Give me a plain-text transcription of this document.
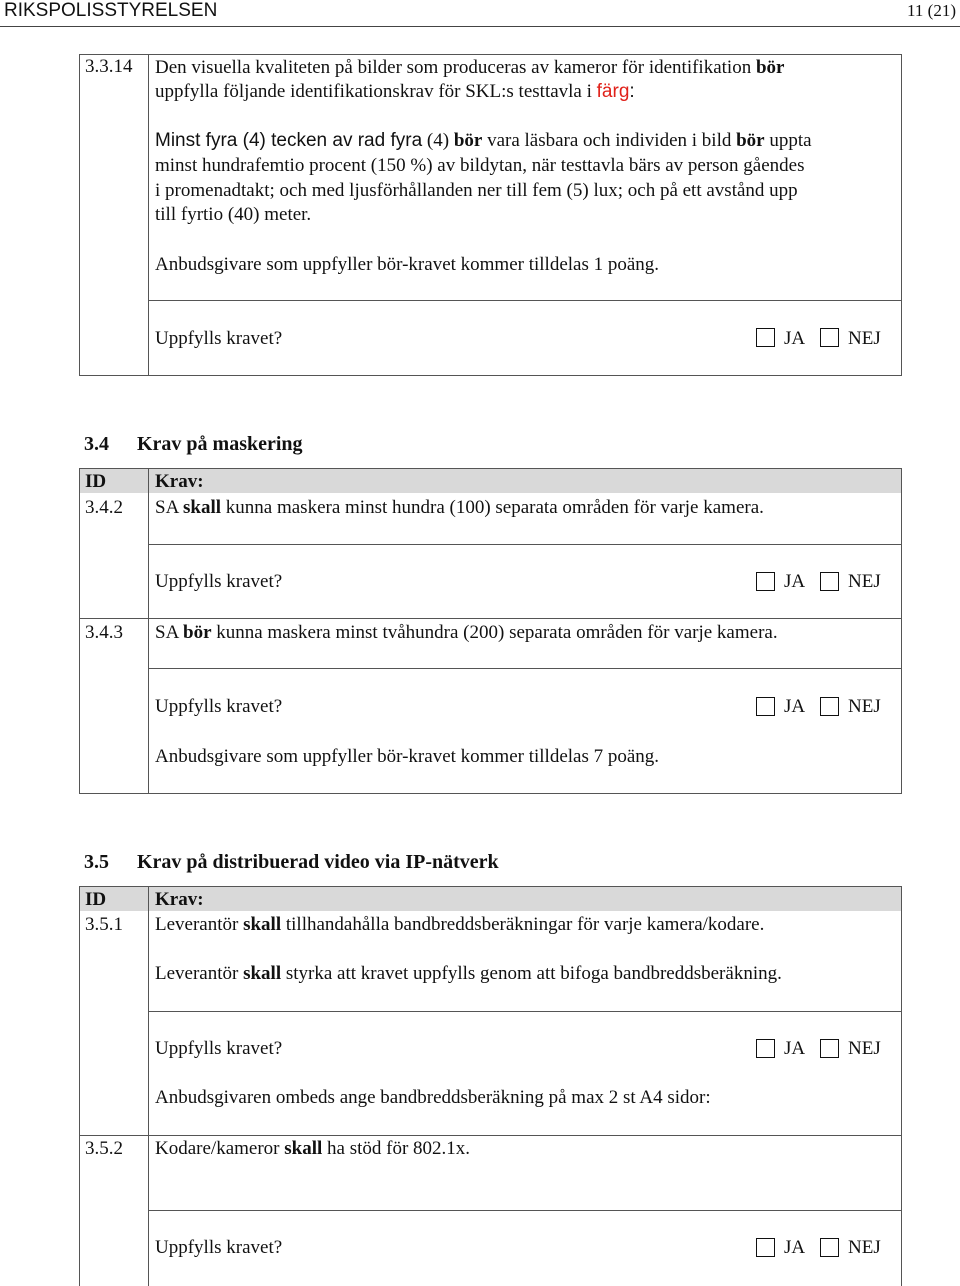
RIKSPOLISSTYRELSEN	11 (21)
3.3.14 Den visuella kvaliteten på bilder som produceras av kameror för identifikation bör
uppfylla följande identifikationskrav för SKL:s testtavla i färg:
Minst fyra (4) tecken av rad fyra (4) bör vara läsbara och individen i bild bör uppta
minst hundrafemtio procent (150 %) av bildytan, när testtavla bärs av person gåendes
i promenadtakt; och med ljusförhållanden ner till fem (5) lux; och på ett avstånd upp
till fyrtio (40) meter.
Anbudsgivare som uppfyller bör-kravet kommer tilldelas 1 poäng.
Uppfylls kravet?	JA NEJ
3.4 Krav på maskering
ID	Krav:
3.4.2 SA skall kunna maskera minst hundra (100) separata områden för varje kamera.
Uppfylls kravet?	JA NEJ
3.4.3 SA bör kunna maskera minst tvåhundra (200) separata områden för varje kamera.
Uppfylls kravet?	JA NEJ
Anbudsgivare som uppfyller bör-kravet kommer tilldelas 7 poäng.
3.5 Krav på distribuerad video via IP-nätverk
ID	Krav:
3.5.1 Leverantör skall tillhandahålla bandbreddsberäkningar för varje kamera/kodare.
Leverantör skall styrka att kravet uppfylls genom att bifoga bandbreddsberäkning.
Uppfylls kravet?	JA NEJ
Anbudsgivaren ombeds ange bandbreddsberäkning på max 2 st A4 sidor:
3.5.2 Kodare/kameror skall ha stöd för 802.1x.
Uppfylls kravet?	JA NEJ
